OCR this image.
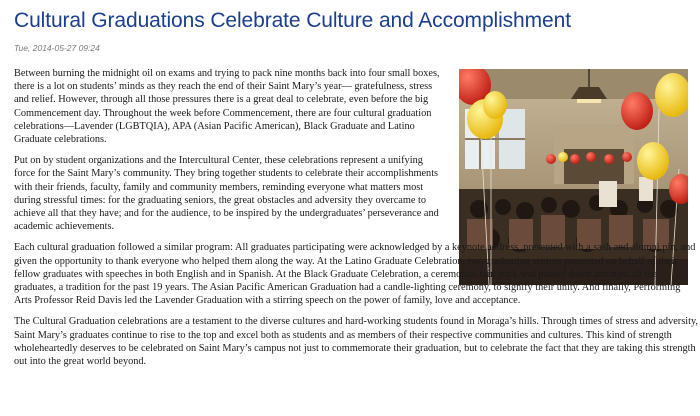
Cultural Graduations Celebrate Culture and Accomplishment
Tue, 2014-05-27 09:24

Between burning the midnight oil on exams and trying to pack nine months back into four small boxes, there is a lot on students’ minds as they reach the end of their Saint Mary’s year— gratefulness, stress and relief. However, through all those pressures there is a great deal to celebrate, even before the big Commencement day. Throughout the week before Commencement, there are four cultural graduation celebrations—Lavender (LGBTQIA), APA (Asian Pacific American), Black Graduate and Latino Graduate celebrations.

Put on by student organizations and the Intercultural Center, these celebrations represent a unifying force for the Saint Mary’s community. They bring together students to celebrate their accomplishments with their friends, faculty, family and community members, reminding everyone what matters most during stressful times: for the graduating seniors, the great obstacles and adversity they overcame to achieve all that they have; and for the audience, to be inspired by the undergraduates’ perseverance and academic achievements.

Each cultural graduation followed a similar program: All graduates participating were acknowledged by a keynote address, presented with a sash and alumni pin, and given the opportunity to thank everyone who helped them along the way. At the Latino Graduate Celebration, two graduating seniors presented on behalf of their fellow graduates with speeches in both English and in Spanish. At the Black Graduate Celebration, a ceremonial rain stick was passed down amongst all the graduates, a tradition for the past 19 years. The Asian Pacific American Graduation had a candle-lighting ceremony, to signify their unity. And finally, Performing Arts Professor Reid Davis led the Lavender Graduation with a stirring speech on the power of family, love and acceptance.

The Cultural Graduation celebrations are a testament to the diverse cultures and hard-working students found in Moraga’s hills. Through times of stress and adversity, Saint Mary’s graduates continue to rise to the top and excel both as students and as members of their respective communities and cultures. This kind of strength wholeheartedly deserves to be celebrated on Saint Mary’s campus not just to commemorate their graduation, but to celebrate the fact that they are taking this strength out into the great world beyond.
